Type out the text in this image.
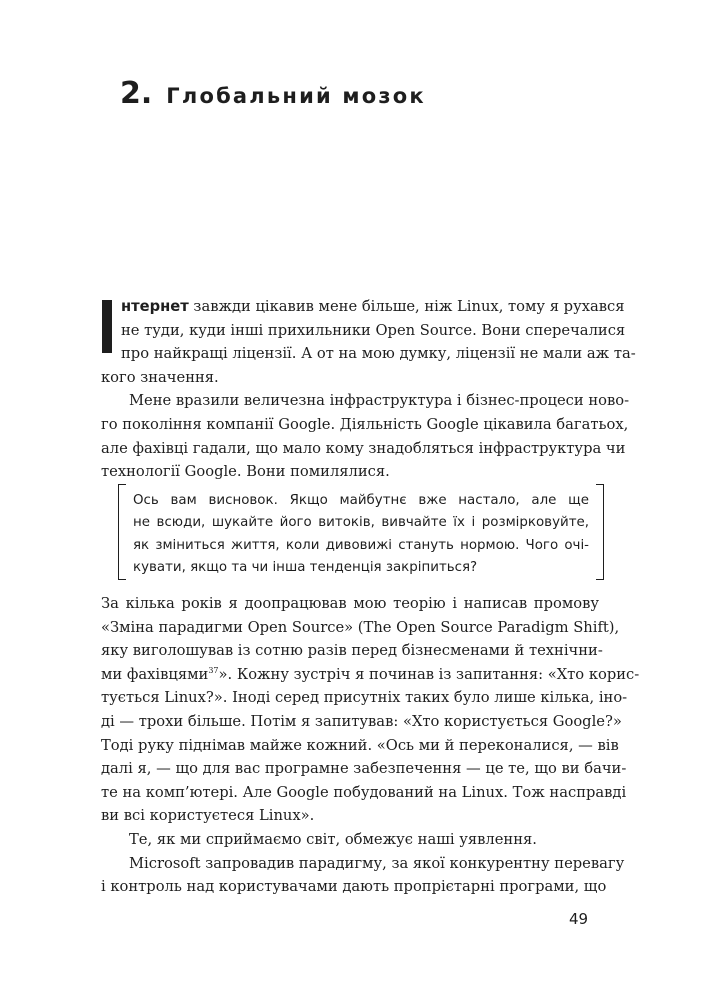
2. Глобальний мозок
нтернет завжди цікавив мене більше, ніж Linux, тому я рухався
не туди, куди інші прихильники Open Source. Вони сперечалися
про найкращі ліцензії. А от на мою думку, ліцензії не мали аж та-
кого значення.
Мене вразили величезна інфраструктура і бізнес-процеси ново-
го покоління компанії Google. Діяльність Google цікавила багатьох,
але фахівці гадали, що мало кому знадобляться інфраструктура чи
технології Google. Вони помилялися.
Ось вам висновок. Якщо майбутнє вже настало, але ще
не всюди, шукайте його витоків, вивчайте їх і розмірковуйте,
як зміниться життя, коли дивовижі стануть нормою. Чого очі-
кувати, якщо та чи інша тенденція закріпиться?
За кілька років я доопрацював мою теорію і написав промову
«Зміна парадигми Open Source» (The Open Source Paradigm Shift),
яку виголошував із сотню разів перед бізнесменами й технічни-
ми фахівцями$^{37}$». Кожну зустріч я починав із запитання: «Хто корис-
тується Linux?». Іноді серед присутніх таких було лише кілька, іно-
ді — трохи більше. Потім я запитував: «Хто користується Google?»
Тоді руку піднімав майже кожний. «Ось ми й переконалися, — вів
далі я, — що для вас програмне забезпечення — це те, що ви бачи-
те на комп’ютері. Але Google побудований на Linux. Тож насправді
ви всі користуєтеся Linux».
Те, як ми сприймаємо світ, обмежує наші уявлення.
Microsoft запровадив парадигму, за якої конкурентну перевагу
і контроль над користувачами дають пропрієтарні програми, що
49
